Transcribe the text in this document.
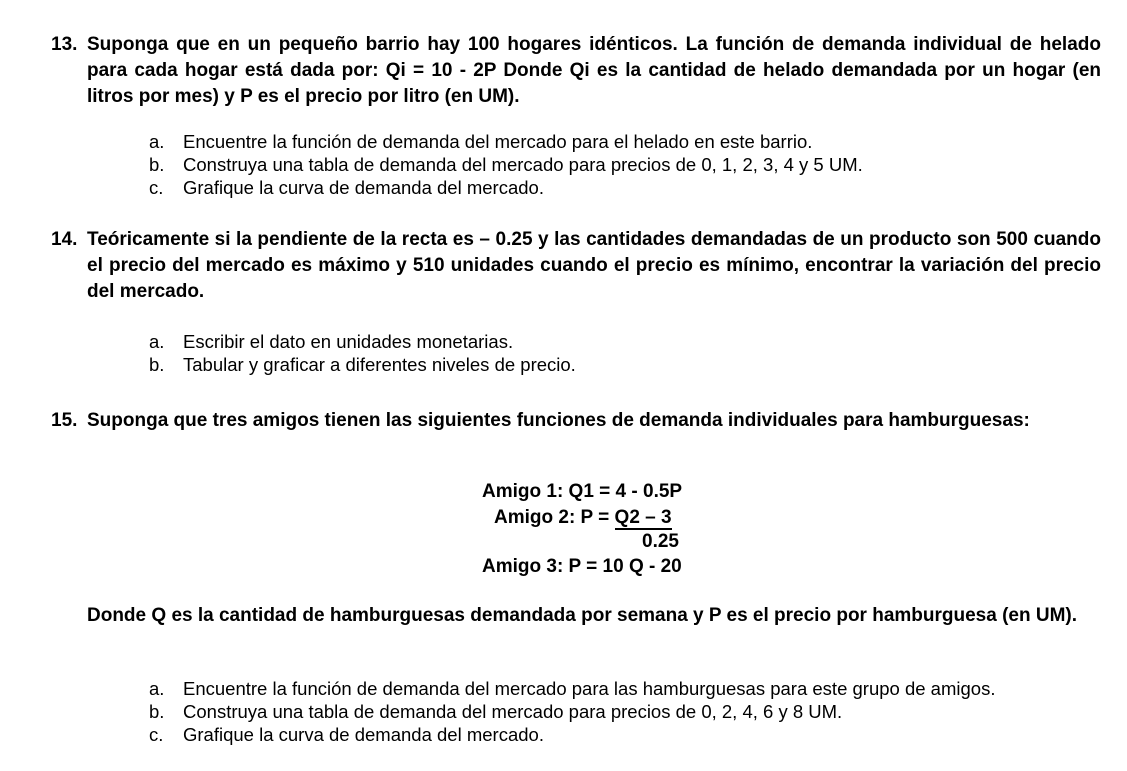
13. Suponga que en un pequeño barrio hay 100 hogares idénticos. La función de demanda individual de helado para cada hogar está dada por: Qi = 10 - 2P Donde Qi es la cantidad de helado demandada por un hogar (en litros por mes) y P es el precio por litro (en UM).
a.	Encuentre la función de demanda del mercado para el helado en este barrio.
b.	Construya una tabla de demanda del mercado para precios de 0, 1, 2, 3, 4 y 5 UM.
c.	Grafique la curva de demanda del mercado.
14. Teóricamente si la pendiente de la recta es – 0.25 y las cantidades demandadas de un producto son 500 cuando el precio del mercado es máximo y 510 unidades cuando el precio es mínimo, encontrar la variación del precio del mercado.
a.	Escribir el dato en unidades monetarias.
b.	Tabular y graficar a diferentes niveles de precio.
15. Suponga que tres amigos tienen las siguientes funciones de demanda individuales para hamburguesas:
Amigo 1: Q1 = 4 - 0.5P
Amigo 2: P = Q2 – 3
0.25
Amigo 3: P = 10 Q - 20
Donde Q es la cantidad de hamburguesas demandada por semana y P es el precio por hamburguesa (en UM).
a.	Encuentre la función de demanda del mercado para las hamburguesas para este grupo de amigos.
b.	Construya una tabla de demanda del mercado para precios de 0, 2, 4, 6 y 8 UM.
c.	Grafique la curva de demanda del mercado.
